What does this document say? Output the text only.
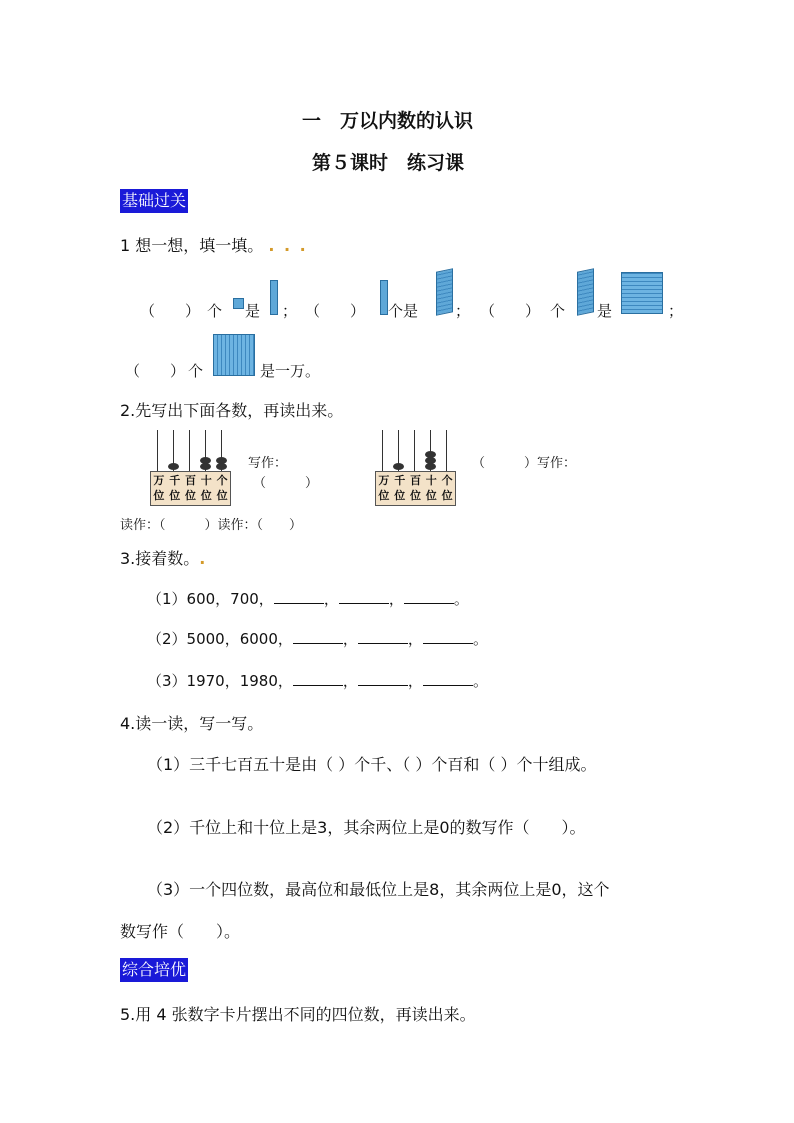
一　万以内数的认识
第５课时　练习课
基础过关
1 想一想，填一填。 . . .
（　　） 个 是 ； （　　） 个是 ； （　　） 个 是	；
（　　） 个	是一万。
2.先写出下面各数，再读出来。
万 千 百 十 个
位 位 位 位 位
写作：
（　　　）	万 千 百 十 个
位 位 位 位 位
（　　　）写作：
读作：（　　　）读作：（　　）
3.接着数。.
（1）600，700，	，	，	。
（2）5000，6000，	，	，	。
（3）1970，1980，	，	，	。
4.读一读，写一写。
（1）三千七百五十是由（ ）个千、（ ）个百和（ ）个十组成。
（2）千位上和十位上是3，其余两位上是0的数写作（　　）。
（3）一个四位数，最高位和最低位上是8，其余两位上是0，这个
数写作（　　）。
综合培优
5.用 4 张数字卡片摆出不同的四位数，再读出来。
